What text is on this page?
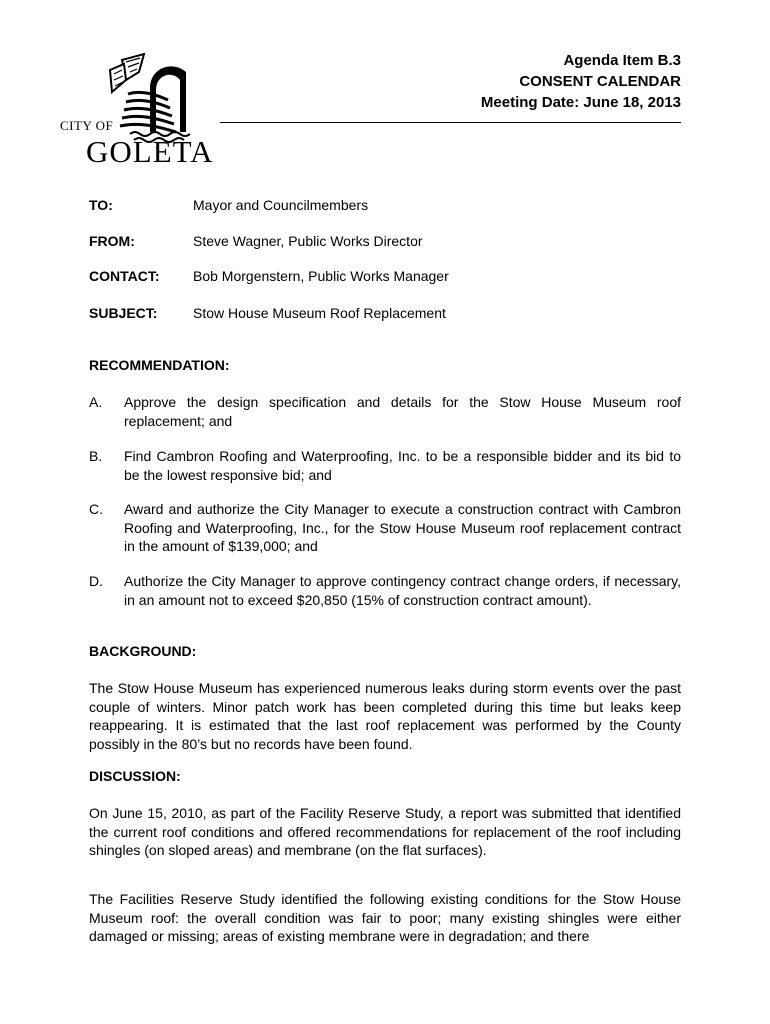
CITY OF
GOLETA
Agenda Item B.3
CONSENT CALENDAR
Meeting Date: June 18, 2013
TO:	Mayor and Councilmembers
FROM:	Steve Wagner, Public Works Director
CONTACT: Bob Morgenstern, Public Works Manager
SUBJECT:	Stow House Museum Roof Replacement
RECOMMENDATION:
A. Approve the design specification and details for the Stow House Museum roof replacement; and
B. Find Cambron Roofing and Waterproofing, Inc. to be a responsible bidder and its bid to be the lowest responsive bid; and
C. Award and authorize the City Manager to execute a construction contract with Cambron Roofing and Waterproofing, Inc., for the Stow House Museum roof replacement contract in the amount of $139,000; and
D. Authorize the City Manager to approve contingency contract change orders, if necessary, in an amount not to exceed $20,850 (15% of construction contract amount).
BACKGROUND:
The Stow House Museum has experienced numerous leaks during storm events over the past couple of winters. Minor patch work has been completed during this time but leaks keep reappearing. It is estimated that the last roof replacement was performed by the County possibly in the 80’s but no records have been found.
DISCUSSION:
On June 15, 2010, as part of the Facility Reserve Study, a report was submitted that identified the current roof conditions and offered recommendations for replacement of the roof including shingles (on sloped areas) and membrane (on the flat surfaces).
The Facilities Reserve Study identified the following existing conditions for the Stow House Museum roof: the overall condition was fair to poor; many existing shingles were either damaged or missing; areas of existing membrane were in degradation; and there
